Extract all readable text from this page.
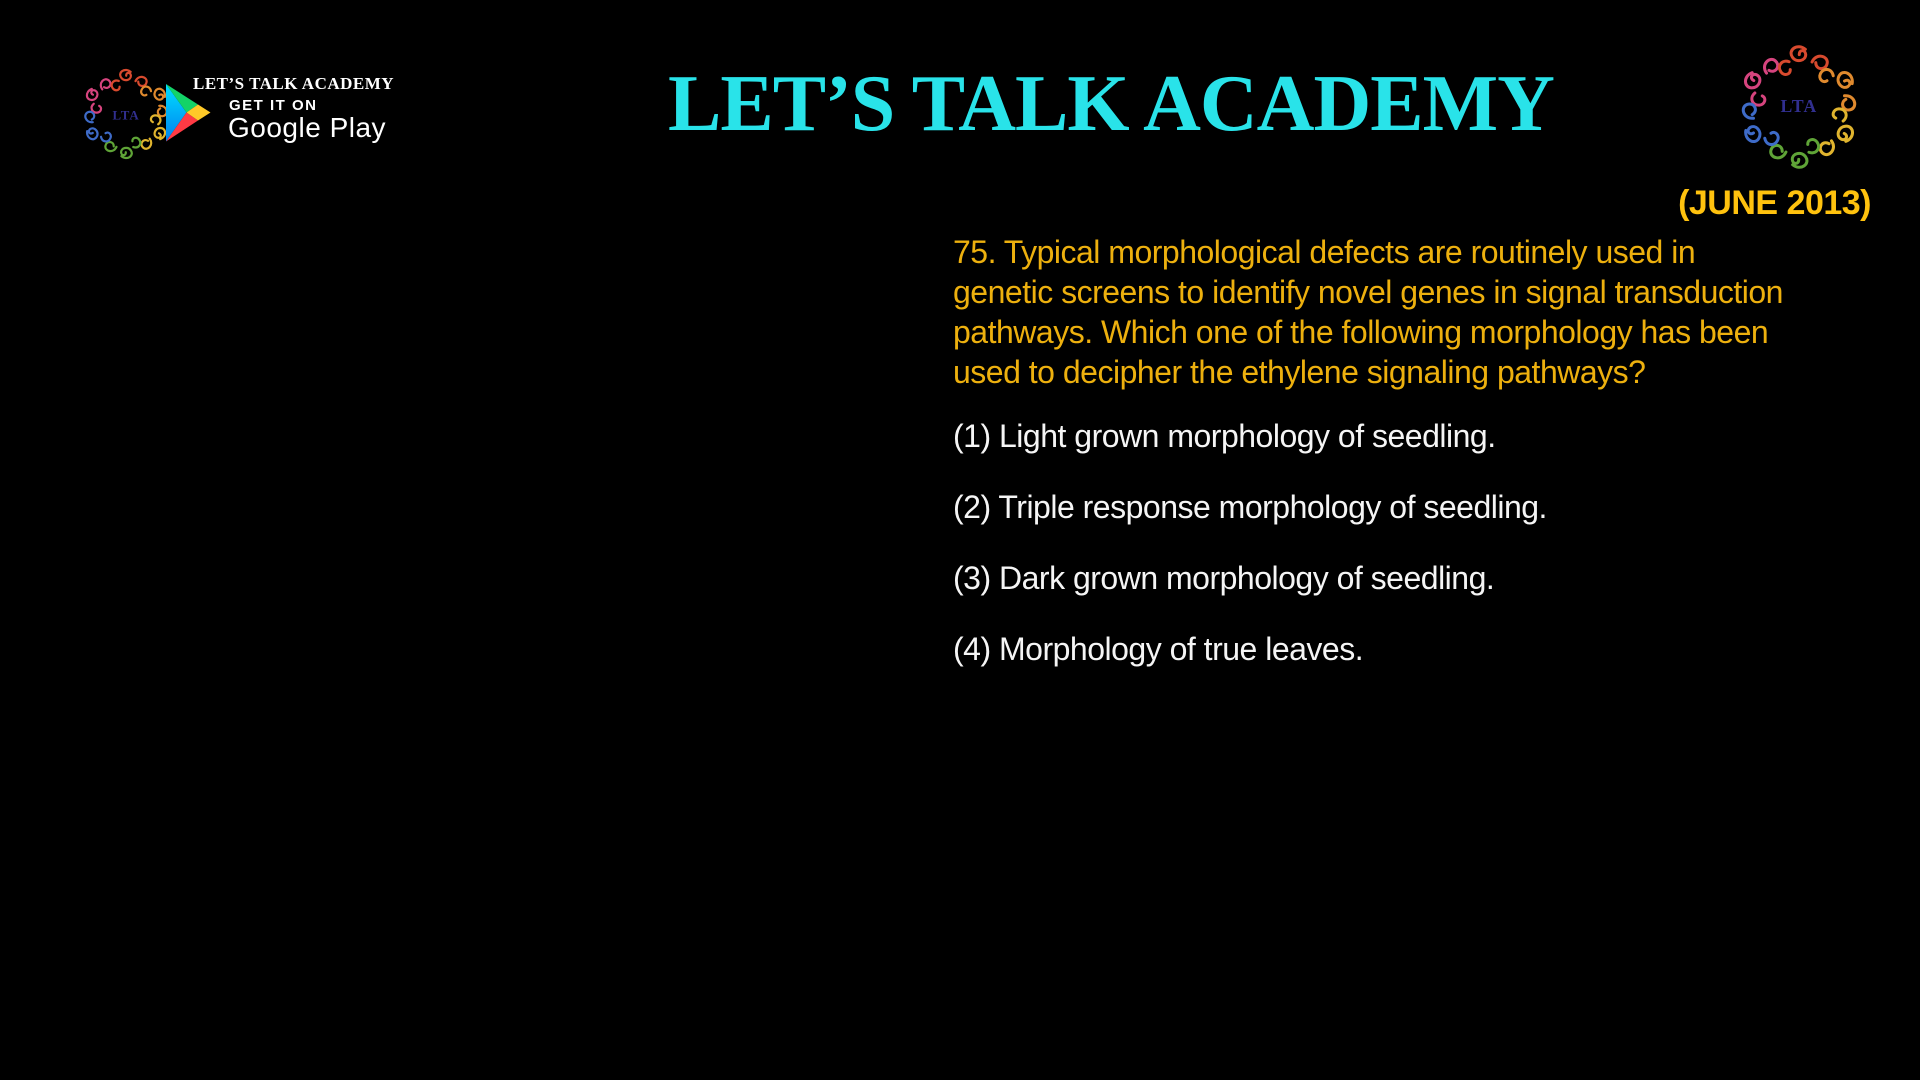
LTA
LET’S TALK ACADEMY
GET IT ON
Google Play	LET’S TALK ACADEMY	LTA
(JUNE 2013)
75. Typical morphological defects are routinely used in
genetic screens to identify novel genes in signal transduction
pathways. Which one of the following morphology has been
used to decipher the ethylene signaling pathways?
(1) Light grown morphology of seedling.
(2) Triple response morphology of seedling.
(3) Dark grown morphology of seedling.
(4) Morphology of true leaves.
